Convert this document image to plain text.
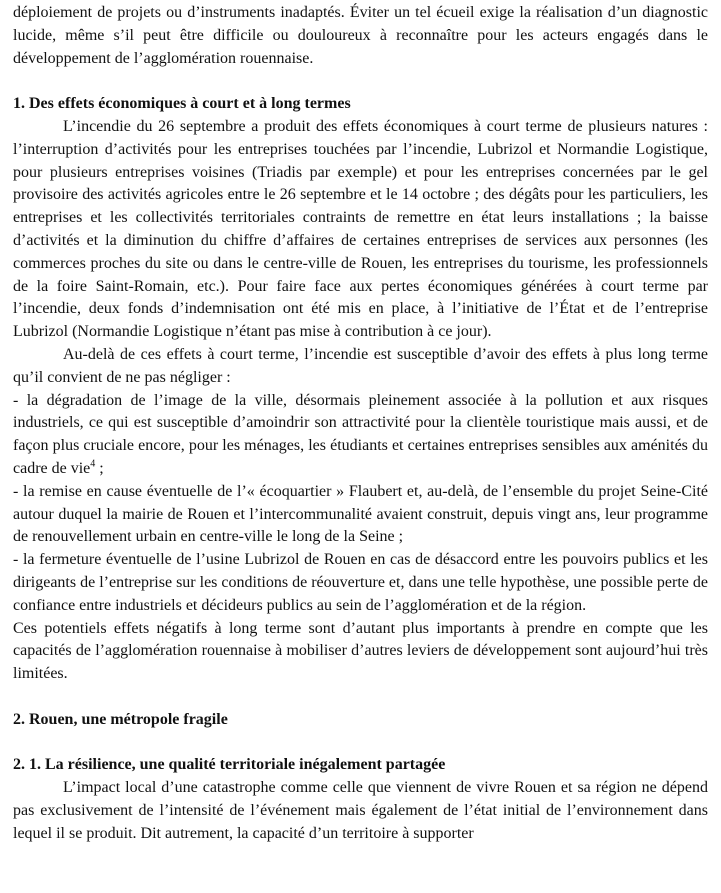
déploiement de projets ou d’instruments inadaptés. Éviter un tel écueil exige la réalisation d’un diagnostic lucide, même s’il peut être difficile ou douloureux à reconnaître pour les acteurs engagés dans le développement de l’agglomération rouennaise.

1. Des effets économiques à court et à long termes

L’incendie du 26 septembre a produit des effets économiques à court terme de plusieurs natures : l’interruption d’activités pour les entreprises touchées par l’incendie, Lubrizol et Normandie Logistique, pour plusieurs entreprises voisines (Triadis par exemple) et pour les entreprises concernées par le gel provisoire des activités agricoles entre le 26 septembre et le 14 octobre ; des dégâts pour les particuliers, les entreprises et les collectivités territoriales contraints de remettre en état leurs installations ; la baisse d’activités et la diminution du chiffre d’affaires de certaines entreprises de services aux personnes (les commerces proches du site ou dans le centre-ville de Rouen, les entreprises du tourisme, les professionnels de la foire Saint-Romain, etc.). Pour faire face aux pertes économiques générées à court terme par l’incendie, deux fonds d’indemnisation ont été mis en place, à l’initiative de l’État et de l’entreprise Lubrizol (Normandie Logistique n’étant pas mise à contribution à ce jour).

Au-delà de ces effets à court terme, l’incendie est susceptible d’avoir des effets à plus long terme qu’il convient de ne pas négliger :

- la dégradation de l’image de la ville, désormais pleinement associée à la pollution et aux risques industriels, ce qui est susceptible d’amoindrir son attractivité pour la clientèle touristique mais aussi, et de façon plus cruciale encore, pour les ménages, les étudiants et certaines entreprises sensibles aux aménités du cadre de vie$^4$ ;

- la remise en cause éventuelle de l’« écoquartier » Flaubert et, au-delà, de l’ensemble du projet Seine-Cité autour duquel la mairie de Rouen et l’intercommunalité avaient construit, depuis vingt ans, leur programme de renouvellement urbain en centre-ville le long de la Seine ;

- la fermeture éventuelle de l’usine Lubrizol de Rouen en cas de désaccord entre les pouvoirs publics et les dirigeants de l’entreprise sur les conditions de réouverture et, dans une telle hypothèse, une possible perte de confiance entre industriels et décideurs publics au sein de l’agglomération et de la région.

Ces potentiels effets négatifs à long terme sont d’autant plus importants à prendre en compte que les capacités de l’agglomération rouennaise à mobiliser d’autres leviers de développement sont aujourd’hui très limitées.

2. Rouen, une métropole fragile
2. 1. La résilience, une qualité territoriale inégalement partagée

L’impact local d’une catastrophe comme celle que viennent de vivre Rouen et sa région ne dépend pas exclusivement de l’intensité de l’événement mais également de l’état initial de l’environnement dans lequel il se produit. Dit autrement, la capacité d’un territoire à supporter
